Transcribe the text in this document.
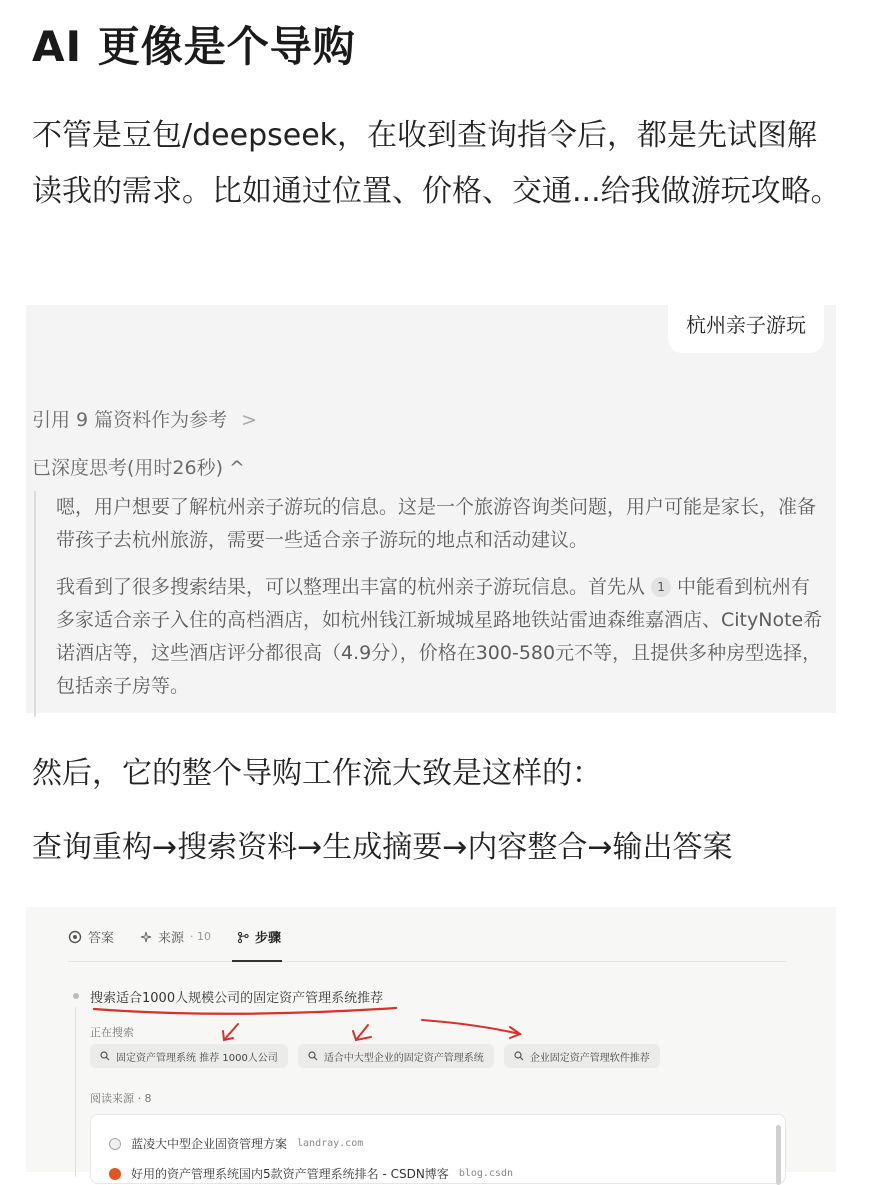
AI 更像是个导购
不管是豆包/deepseek，在收到查询指令后，都是先试图解读我的需求。比如通过位置、价格、交通...给我做游玩攻略。
杭州亲子游玩
引用 9 篇资料作为参考 >
已深度思考(用时26秒) ^

嗯，用户想要了解杭州亲子游玩的信息。这是一个旅游咨询类问题，用户可能是家长，准备带孩子去杭州旅游，需要一些适合亲子游玩的地点和活动建议。

我看到了很多搜索结果，可以整理出丰富的杭州亲子游玩信息。首先从 1 中能看到杭州有多家适合亲子入住的高档酒店，如杭州钱江新城城星路地铁站雷迪森维嘉酒店、CityNote希诺酒店等，这些酒店评分都很高（4.9分），价格在300-580元不等，且提供多种房型选择，包括亲子房等。

然后，它的整个导购工作流大致是这样的：
查询重构→搜索资料→生成摘要→内容整合→输出答案
答案	来源 · 10	步骤
搜索适合1000人规模公司的固定资产管理系统推荐
正在搜索
固定资产管理系统 推荐 1000人公司	适合中大型企业的固定资产管理系统	企业固定资产管理软件推荐
阅读来源 · 8
蓝凌大中型企业固资管理方案 landray.com
好用的资产管理系统国内5款资产管理系统排名 - CSDN博客 blog.csdn
